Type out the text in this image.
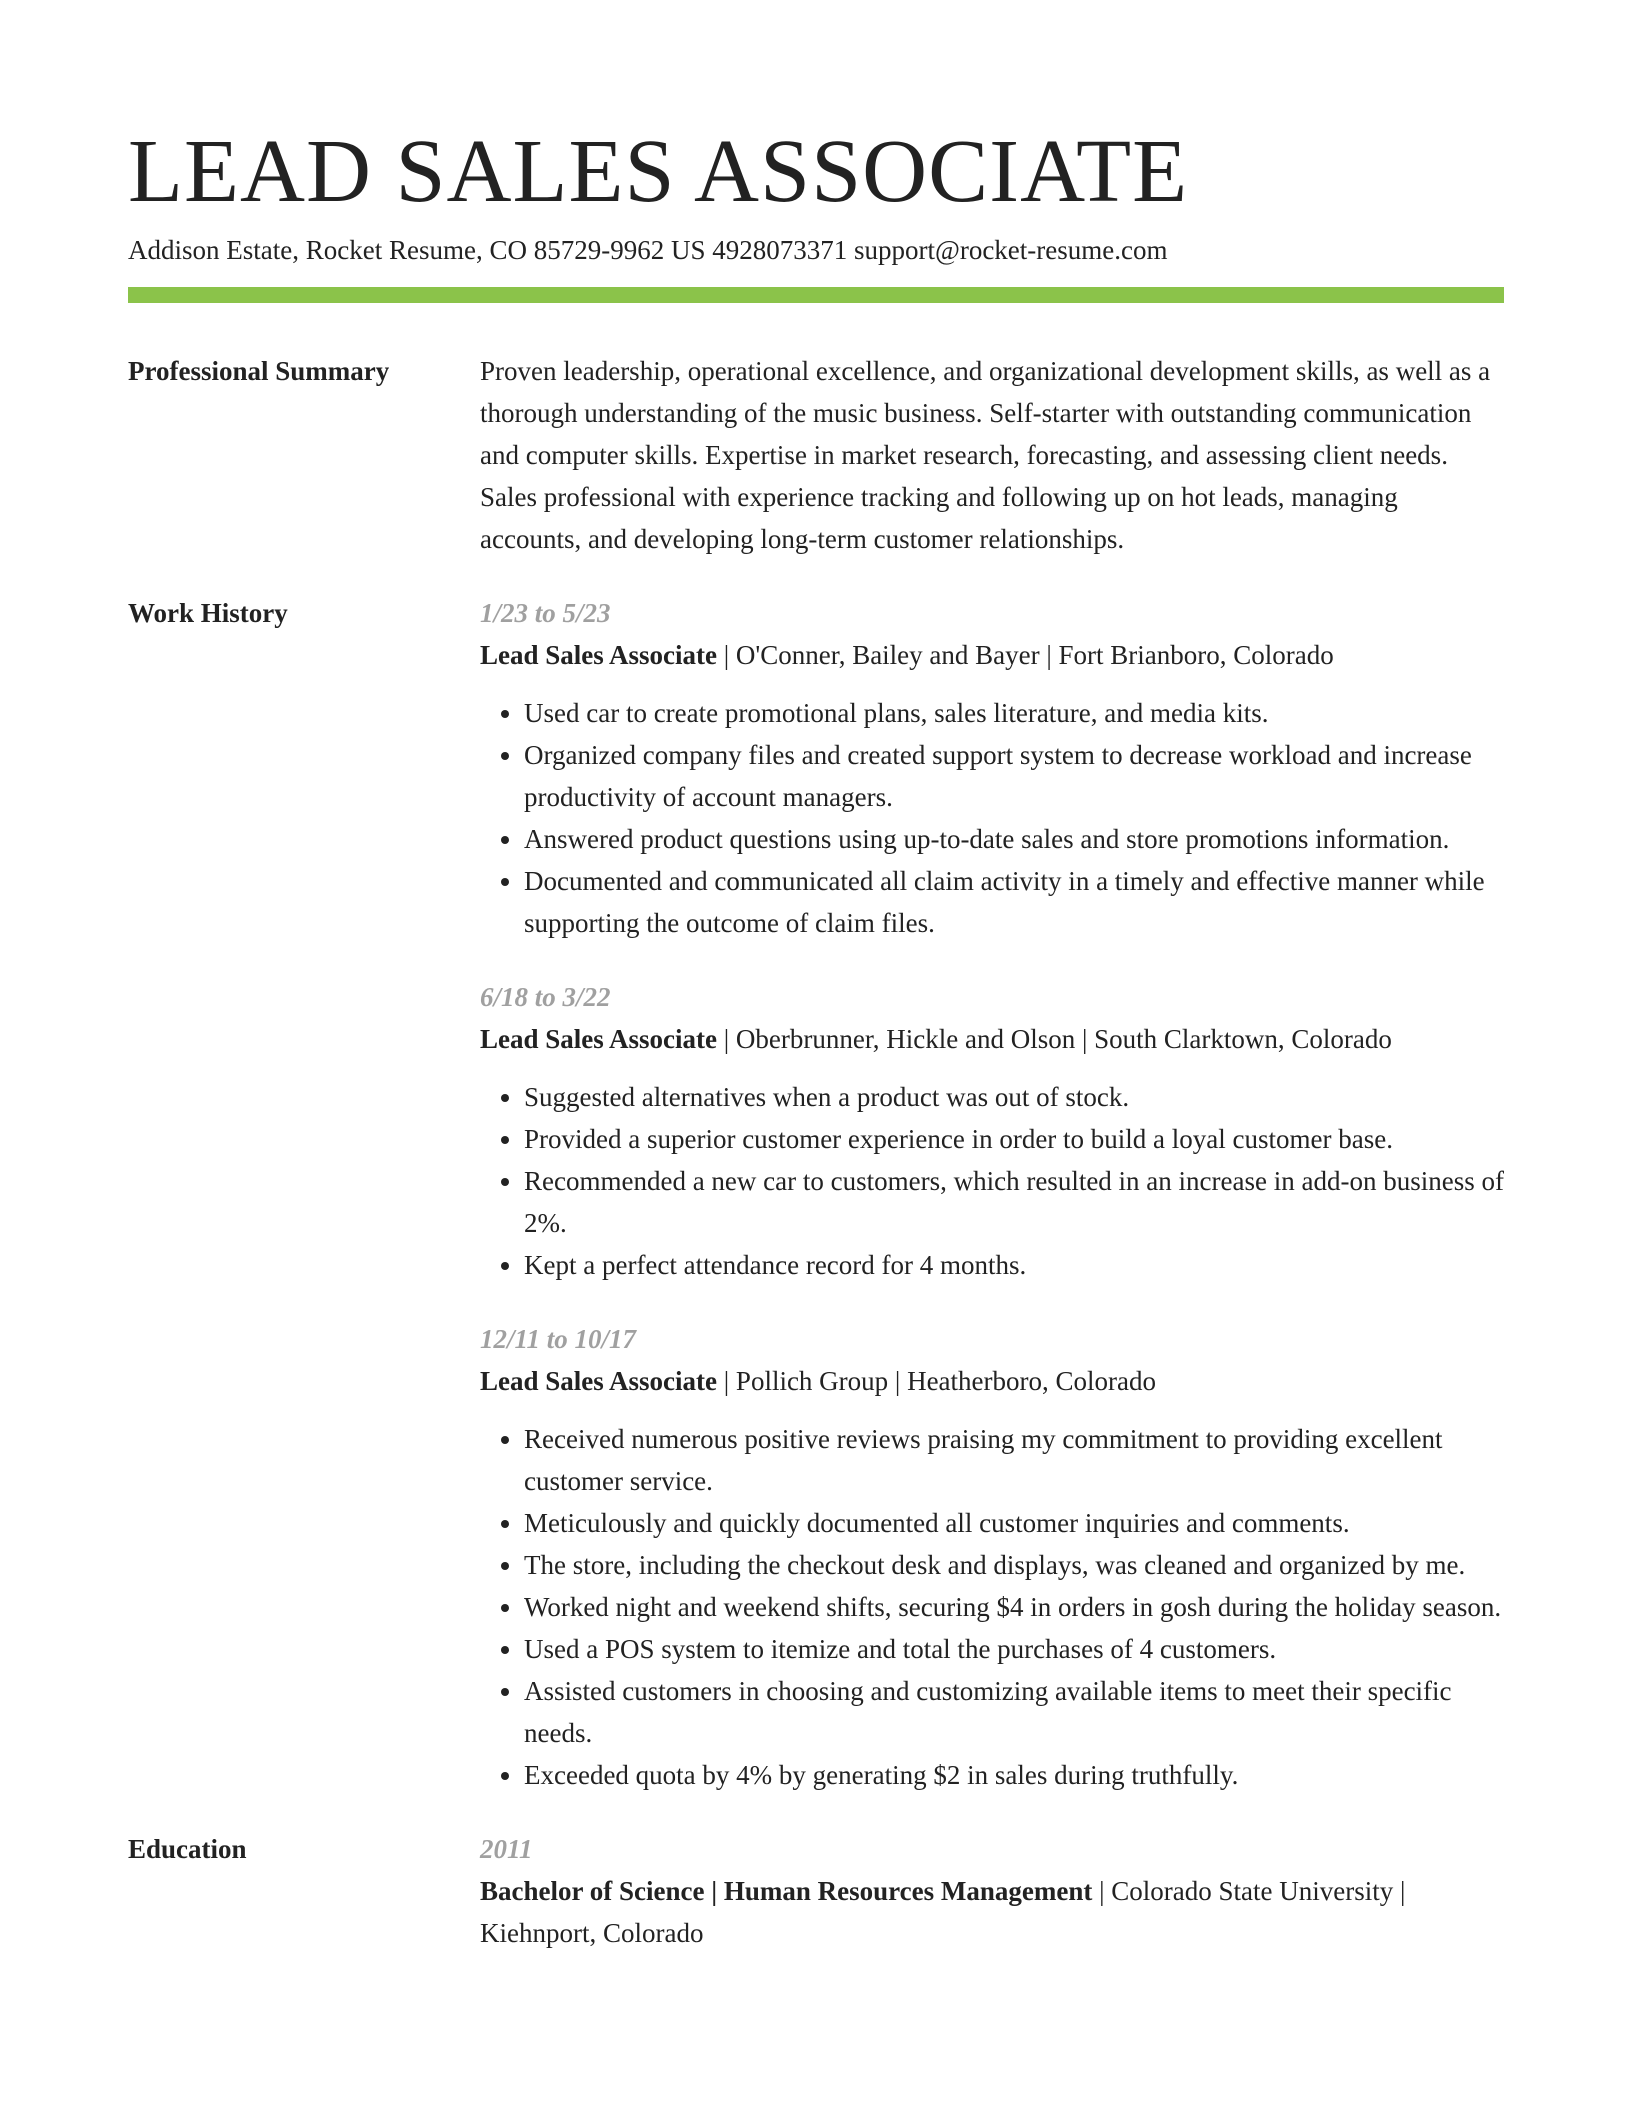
LEAD SALES ASSOCIATE
Addison Estate, Rocket Resume, CO 85729-9962 US 4928073371 support@rocket-resume.com
Professional Summary	Proven leadership, operational excellence, and organizational development skills, as well as a thorough understanding of the music business. Self-starter with outstanding communication and computer skills. Expertise in market research, forecasting, and assessing client needs. Sales professional with experience tracking and following up on hot leads, managing accounts, and developing long-term customer relationships.
Work History	1/23 to 5/23
Lead Sales Associate | O'Conner, Bailey and Bayer | Fort Brianboro, Colorado
• Used car to create promotional plans, sales literature, and media kits.
• Organized company files and created support system to decrease workload and increase productivity of account managers.
• Answered product questions using up-to-date sales and store promotions information.
• Documented and communicated all claim activity in a timely and effective manner while supporting the outcome of claim files.
6/18 to 3/22
Lead Sales Associate | Oberbrunner, Hickle and Olson | South Clarktown, Colorado
• Suggested alternatives when a product was out of stock.
• Provided a superior customer experience in order to build a loyal customer base.
• Recommended a new car to customers, which resulted in an increase in add-on business of 2%.
• Kept a perfect attendance record for 4 months.
12/11 to 10/17
Lead Sales Associate | Pollich Group | Heatherboro, Colorado
• Received numerous positive reviews praising my commitment to providing excellent customer service.
• Meticulously and quickly documented all customer inquiries and comments.
• The store, including the checkout desk and displays, was cleaned and organized by me.
• Worked night and weekend shifts, securing $4 in orders in gosh during the holiday season.
• Used a POS system to itemize and total the purchases of 4 customers.
• Assisted customers in choosing and customizing available items to meet their specific needs.
• Exceeded quota by 4% by generating $2 in sales during truthfully.
Education	2011
Bachelor of Science | Human Resources Management | Colorado State University| Kiehnport, Colorado
